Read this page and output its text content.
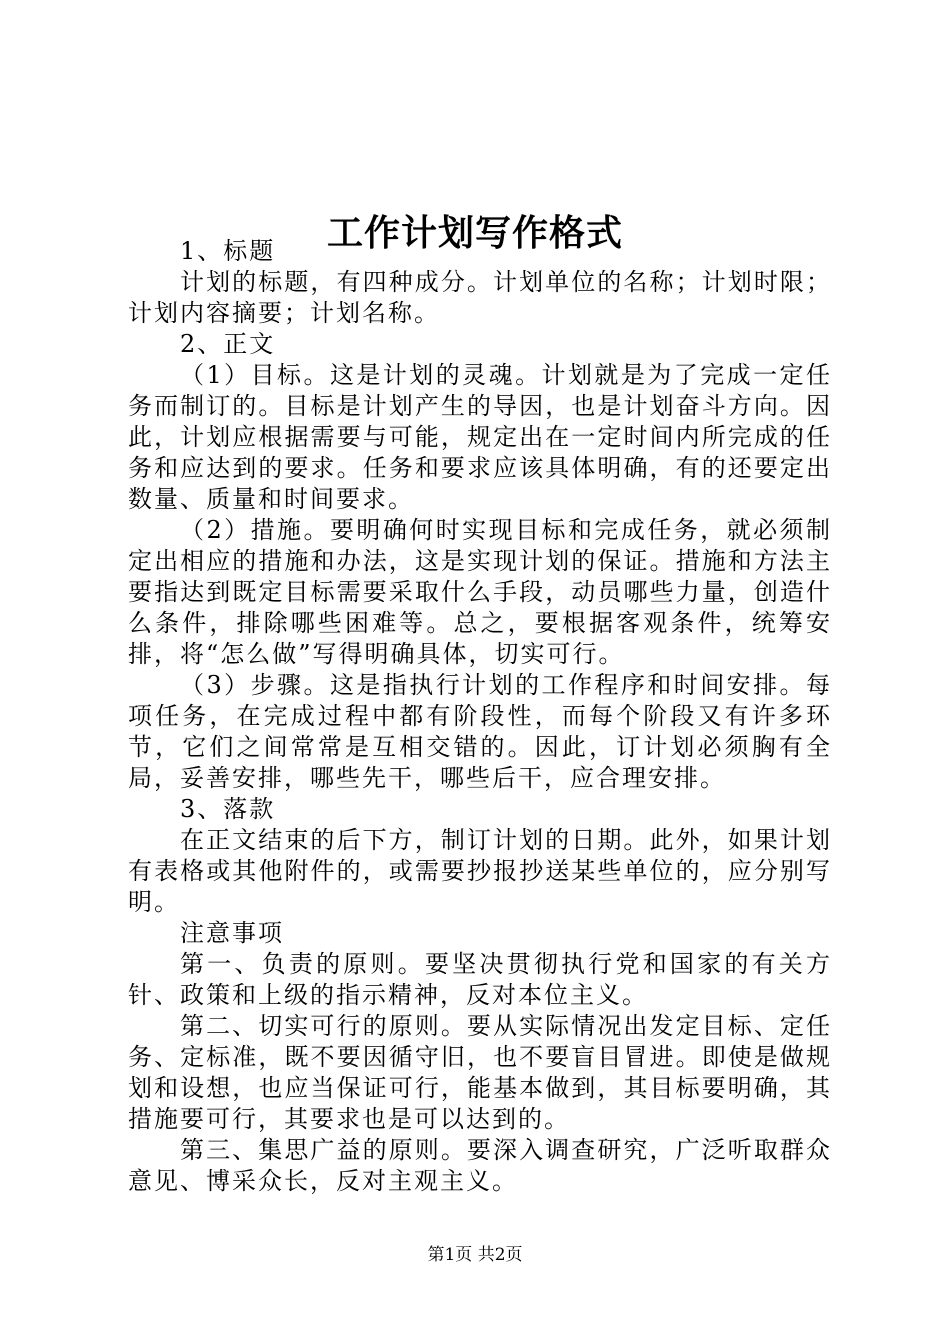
工作计划写作格式

1、标题

计划的标题，有四种成分。计划单位的名称；计划时限；计划内容摘要；计划名称。

2、正文

（1）目标。这是计划的灵魂。计划就是为了完成一定任务而制订的。目标是计划产生的导因，也是计划奋斗方向。因此，计划应根据需要与可能，规定出在一定时间内所完成的任务和应达到的要求。任务和要求应该具体明确，有的还要定出数量、质量和时间要求。

（2）措施。要明确何时实现目标和完成任务，就必须制定出相应的措施和办法，这是实现计划的保证。措施和方法主要指达到既定目标需要采取什么手段，动员哪些力量，创造什么条件，排除哪些困难等。总之，要根据客观条件，统筹安排，将“怎么做”写得明确具体，切实可行。

（3）步骤。这是指执行计划的工作程序和时间安排。每项任务，在完成过程中都有阶段性，而每个阶段又有许多环节，它们之间常常是互相交错的。因此，订计划必须胸有全局，妥善安排，哪些先干，哪些后干，应合理安排。

3、落款

在正文结束的后下方，制订计划的日期。此外，如果计划有表格或其他附件的，或需要抄报抄送某些单位的，应分别写明。

注意事项

第一、负责的原则。要坚决贯彻执行党和国家的有关方针、政策和上级的指示精神，反对本位主义。

第二、切实可行的原则。要从实际情况出发定目标、定任务、定标准，既不要因循守旧，也不要盲目冒进。即使是做规划和设想，也应当保证可行，能基本做到，其目标要明确，其措施要可行，其要求也是可以达到的。

第三、集思广益的原则。要深入调查研究，广泛听取群众意见、博采众长，反对主观主义。

第1页 共2页
